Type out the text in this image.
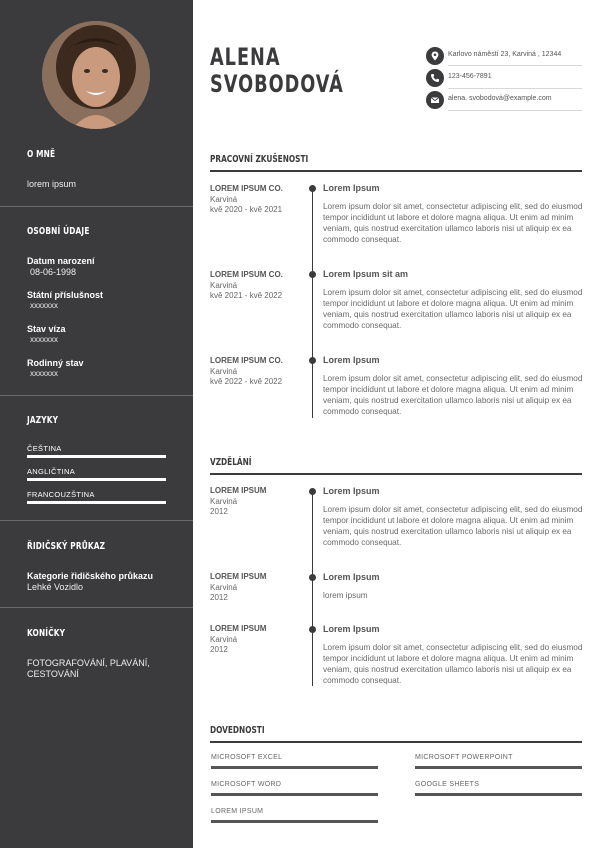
O MNĚ
lorem ipsum
OSOBNÍ ÚDAJE
Datum narození
08-06-1998
Státní příslušnost
xxxxxxx
Stav víza
xxxxxxx
Rodinný stav
xxxxxxx
JAZYKY
ČEŠTINA
ANGLIČTINA
FRANCOUZŠTINA
ŘIDIČSKÝ PRŮKAZ
Kategorie řidičského průkazu
Lehké Vozidlo
KONÍČKY
FOTOGRAFOVÁNÍ, PLAVÁNÍ,
CESTOVÁNÍ
ALENA
SVOBODOVÁ
Karlovo náměstí 23, Karviná , 12344
123-456-7891
alena. svobodová@example.com
PRACOVNÍ ZKUŠENOSTI
LOREM IPSUM CO.
Karviná
kvě 2020 - kvě 2021
Lorem Ipsum
Lorem ipsum dolor sit amet, consectetur adipiscing elit, sed do eiusmod tempor incididunt ut labore et dolore magna aliqua. Ut enim ad minim veniam, quis nostrud exercitation ullamco laboris nisi ut aliquip ex ea commodo consequat.
LOREM IPSUM CO.
Karviná
kvě 2021 - kvě 2022
Lorem Ipsum sit am
Lorem ipsum dolor sit amet, consectetur adipiscing elit, sed do eiusmod tempor incididunt ut labore et dolore magna aliqua. Ut enim ad minim veniam, quis nostrud exercitation ullamco laboris nisi ut aliquip ex ea commodo consequat.
LOREM IPSUM CO.
Karviná
kvě 2022 - kvě 2022
Lorem Ipsum
Lorem ipsum dolor sit amet, consectetur adipiscing elit, sed do eiusmod tempor incididunt ut labore et dolore magna aliqua. Ut enim ad minim veniam, quis nostrud exercitation ullamco laboris nisi ut aliquip ex ea commodo consequat.
VZDĚLÁNÍ
LOREM IPSUM
Karviná
2012
Lorem Ipsum
Lorem ipsum dolor sit amet, consectetur adipiscing elit, sed do eiusmod tempor incididunt ut labore et dolore magna aliqua. Ut enim ad minim veniam, quis nostrud exercitation ullamco laboris nisi ut aliquip ex ea commodo consequat.
LOREM IPSUM
Karviná
2012
Lorem Ipsum
lorem ipsum
LOREM IPSUM
Karviná
2012
Lorem Ipsum
Lorem ipsum dolor sit amet, consectetur adipiscing elit, sed do eiusmod tempor incididunt ut labore et dolore magna aliqua. Ut enim ad minim veniam, quis nostrud exercitation ullamco laboris nisi ut aliquip ex ea commodo consequat.
DOVEDNOSTI
MICROSOFT EXCEL	MICROSOFT POWERPOINT
MICROSOFT WORD	GOOGLE SHEETS
LOREM IPSUM
